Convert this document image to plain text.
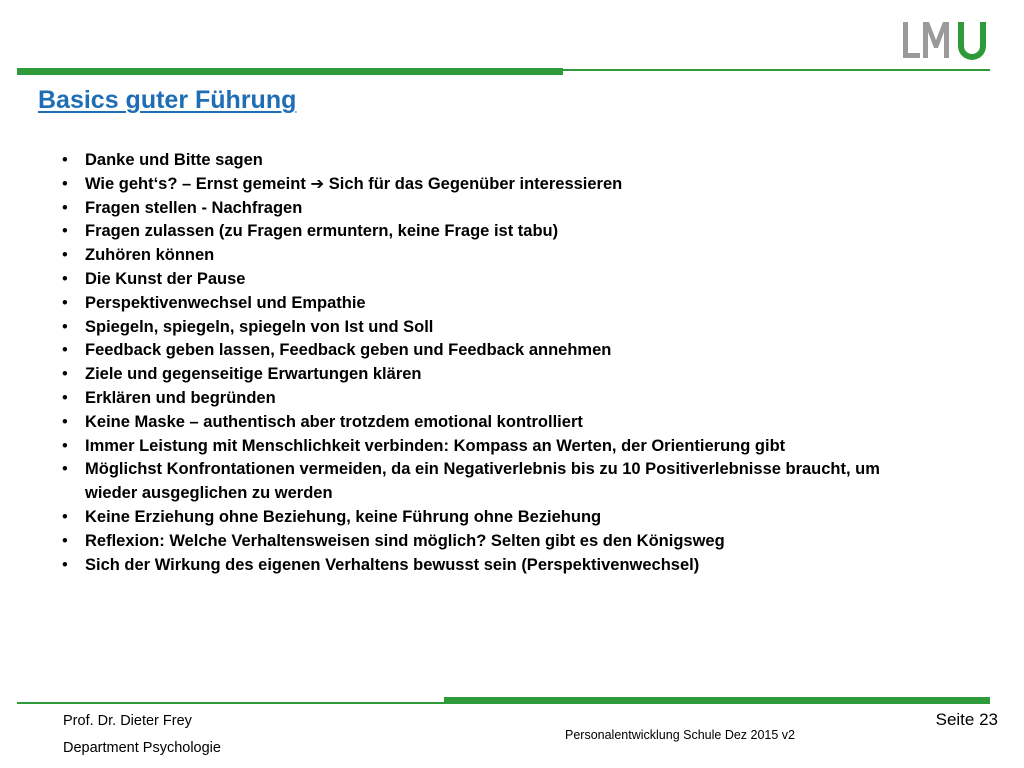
Basics guter Führung
• Danke und Bitte sagen
• Wie geht‘s? – Ernst gemeint ➔ Sich für das Gegenüber interessieren
• Fragen stellen - Nachfragen
• Fragen zulassen (zu Fragen ermuntern, keine Frage ist tabu)
• Zuhören können
• Die Kunst der Pause
• Perspektivenwechsel und Empathie
• Spiegeln, spiegeln, spiegeln von Ist und Soll
• Feedback geben lassen, Feedback geben und Feedback annehmen
• Ziele und gegenseitige Erwartungen klären
• Erklären und begründen
• Keine Maske – authentisch aber trotzdem emotional kontrolliert
• Immer Leistung mit Menschlichkeit verbinden: Kompass an Werten, der Orientierung gibt
• Möglichst Konfrontationen vermeiden, da ein Negativerlebnis bis zu 10 Positiverlebnisse braucht, um wieder ausgeglichen zu werden
• Keine Erziehung ohne Beziehung, keine Führung ohne Beziehung
• Reflexion: Welche Verhaltensweisen sind möglich? Selten gibt es den Königsweg
• Sich der Wirkung des eigenen Verhaltens bewusst sein (Perspektivenwechsel)
Prof. Dr. Dieter Frey
Department Psychologie
Personalentwicklung Schule Dez 2015 v2
Seite 23
